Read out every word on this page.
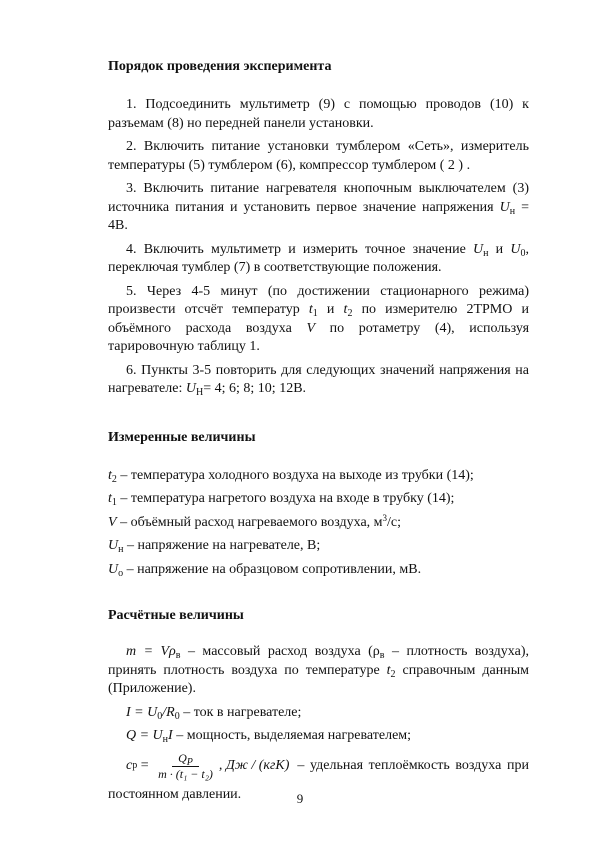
Порядок проведения эксперимента

1. Подсоединить мультиметр (9) с помощью проводов (10) к разъемам (8) но передней панели установки.

2. Включить питание установки тумблером «Сеть», измеритель температуры (5) тумблером (6), компрессор тумблером ( 2 ) .

3. Включить питание нагревателя кнопочным выключателем (3) источника питания и установить первое значение напряжения $U_н = 4В$.

4. Включить мультиметр и измерить точное значение $U_н$ и $U_0$, переключая тумблер (7) в соответствующие положения.

5. Через 4-5 минут (по достижении стационарного режима) произвести отсчёт температур $t_1$ и $t_2$ по измерителю 2ТРМО и объёмного расхода воздуха V по ротаметру (4), используя тарировочную таблицу 1.

6. Пункты 3-5 повторить для следующих значений напряжения на нагревателе: $U_Н= 4$; 6; 8; 10; 12В.

Измеренные величины

$t_2$ – температура холодного воздуха на выходе из трубки (14);

$t_1$ – температура нагретого воздуха на входе в трубку (14);

V – объёмный расход нагреваемого воздуха, $м^3/с$;

$U_н$ – напряжение на нагревателе, В;

$U_о$ – напряжение на образцовом сопротивлении, мВ.

Расчётные величины

$m = V\rho_в$ – массовый расход воздуха ($\rho_в$ – плотность воздуха), принять плотность воздуха по температуре $t_2$ справочным данным (Приложение).

$I = U_0/R_0$ – ток в нагревателе;

$Q = U_нI$ – мощность, выделяемая нагревателем;

c $p = \frac{Q_P}{\text{m · (t₁ − t₂)}}$ , Дж / (кгК) – удельная теплоёмкость воздуха при

постоянном давлении.	9
